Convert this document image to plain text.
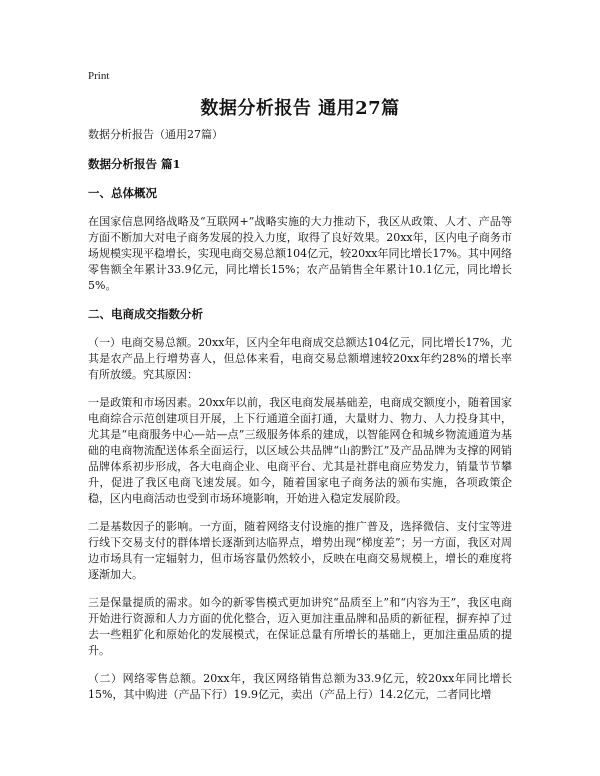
Print
数据分析报告 通用27篇

数据分析报告（通用27篇）

数据分析报告 篇1

一、总体概况

在国家信息网络战略及“互联网+”战略实施的大力推动下，我区从政策、人才、产品等方面不断加大对电子商务发展的投入力度，取得了良好效果。20xx年，区内电子商务市场规模实现平稳增长，实现电商交易总额104亿元，较20xx年同比增长17%。其中网络零售额全年累计33.9亿元，同比增长15%；农产品销售全年累计10.1亿元，同比增长5%。

二、电商成交指数分析

（一）电商交易总额。20xx年，区内全年电商成交总额达104亿元，同比增长17%，尤其是农产品上行增势喜人，但总体来看，电商交易总额增速较20xx年约28%的增长率有所放缓。究其原因：

一是政策和市场因素。20xx年以前，我区电商发展基础差，电商成交额度小，随着国家电商综合示范创建项目开展，上下行通道全面打通，大量财力、物力、人力投身其中，尤其是“电商服务中心—站—点”三级服务体系的建成，以智能网仓和城乡物流通道为基础的电商物流配送体系全面运行，以区域公共品牌“山韵黔江”及产品品牌为支撑的网销品牌体系初步形成，各大电商企业、电商平台、尤其是社群电商应势发力，销量节节攀升，促进了我区电商飞速发展。如今，随着国家电子商务法的颁布实施，各项政策企稳，区内电商活动也受到市场环境影响，开始进入稳定发展阶段。

二是基数因子的影响。一方面，随着网络支付设施的推广普及，选择微信、支付宝等进行线下交易支付的群体增长逐渐到达临界点，增势出现“梯度差”；另一方面，我区对周边市场具有一定辐射力，但市场容量仍然较小，反映在电商交易规模上，增长的难度将逐渐加大。

三是保量提质的需求。如今的新零售模式更加讲究“品质至上”和“内容为王”，我区电商开始进行资源和人力方面的优化整合，迈入更加注重品牌和品质的新征程，摒弃掉了过去一些粗犷化和原始化的发展模式，在保证总量有所增长的基础上，更加注重品质的提升。

（二）网络零售总额。20xx年，我区网络销售总额为33.9亿元，较20xx年同比增长15%，其中购进（产品下行）19.9亿元，卖出（产品上行）14.2亿元，二者同比增
